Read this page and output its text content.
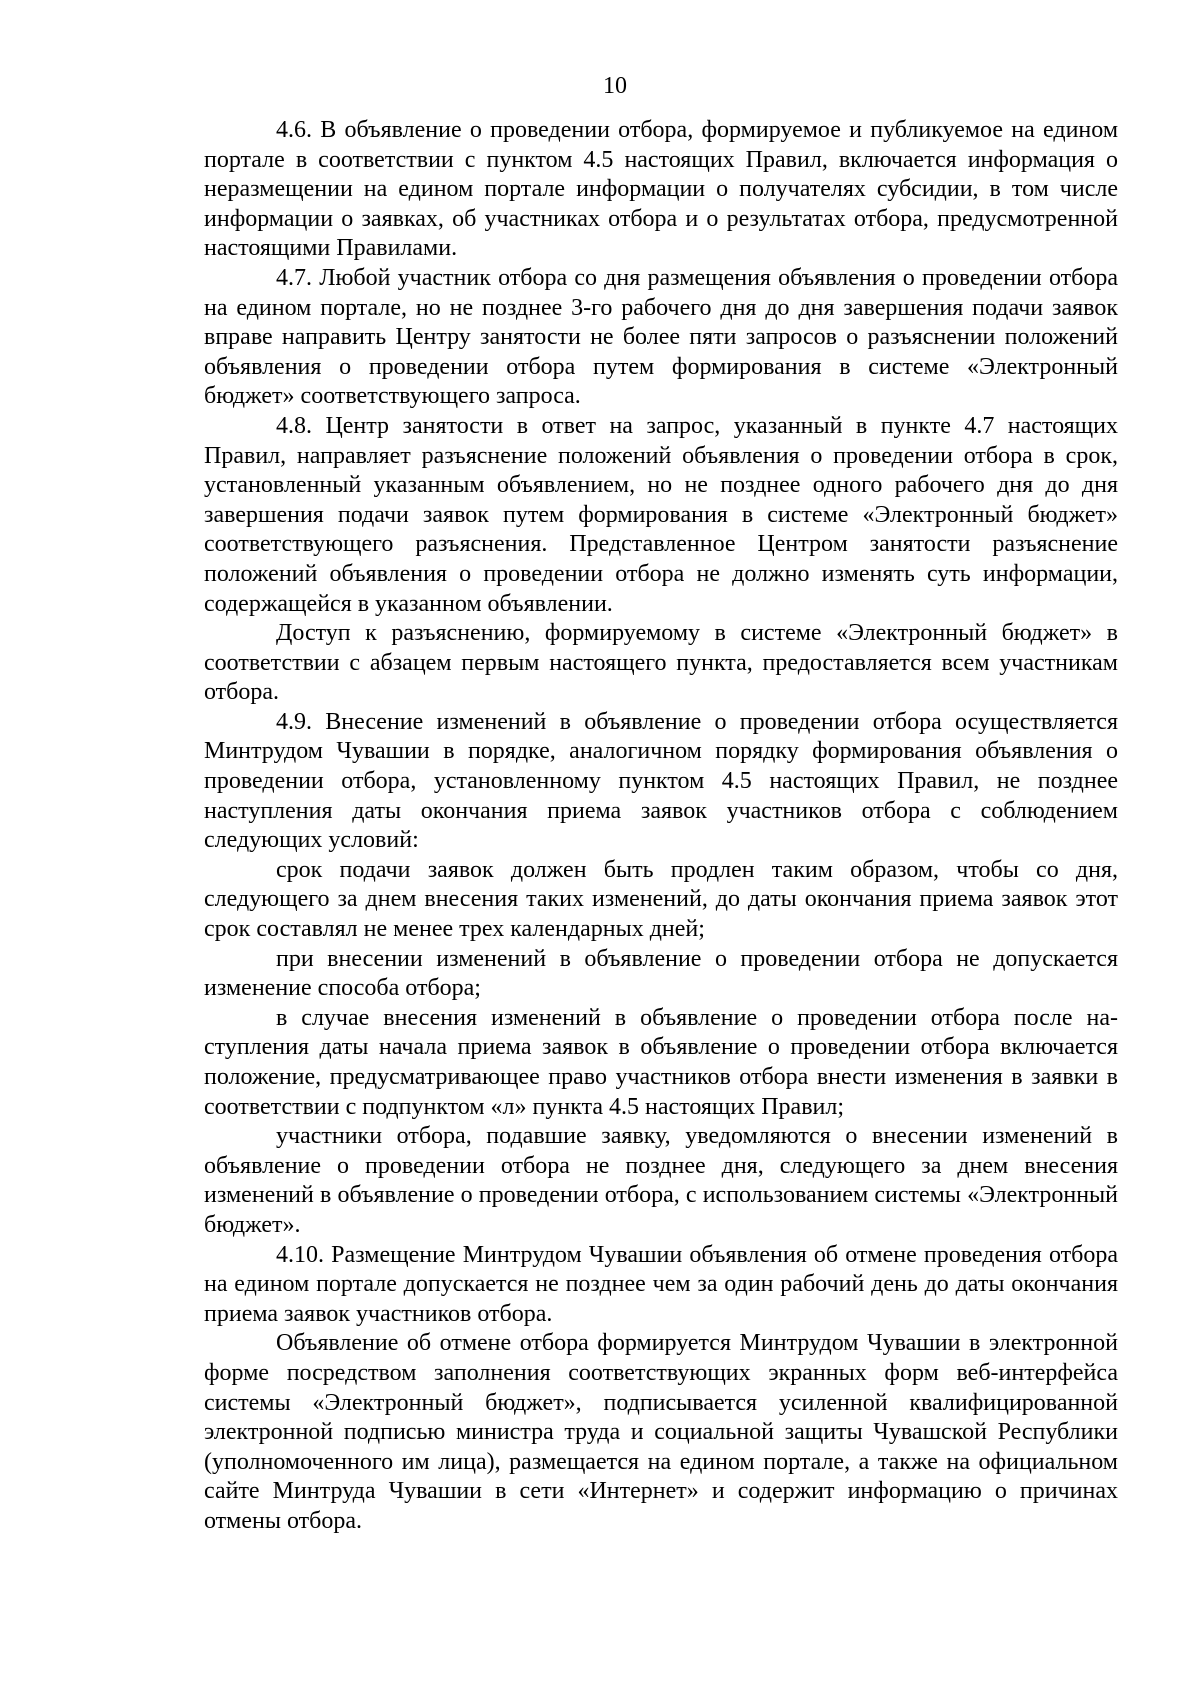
10

4.6. В объявление о проведении отбора, формируемое и публикуемое на едином портале в соответствии с пунктом 4.5 настоящих Правил, включается информация о неразмещении на едином портале информации о получателях субсидии, в том числе информации о заявках, об участниках отбора и о результатах отбора, предусмотренной настоящими Правилами.

4.7. Любой участник отбора со дня размещения объявления о проведении отбора на едином портале, но не позднее 3-го рабочего дня до дня завершения подачи заявок вправе направить Центру занятости не более пяти запросов о разъяснении положений объявления о проведении отбора путем формирования в системе «Электронный бюджет» соответствующего запроса.

4.8. Центр занятости в ответ на запрос, указанный в пункте 4.7 настоящих Правил, направляет разъяснение положений объявления о проведении отбора в срок, установленный указанным объявлением, но не позднее одного рабочего дня до дня завершения подачи заявок путем формирования в системе «Электронный бюджет» соответствующего разъяснения. Представленное Центром занятости разъяснение положений объявления о проведении отбора не должно изменять суть информации, содержащейся в указанном объявлении.

Доступ к разъяснению, формируемому в системе «Электронный бюджет» в соответствии с абзацем первым настоящего пункта, предоставляется всем участникам отбора.

4.9. Внесение изменений в объявление о проведении отбора осуществляется Минтрудом Чувашии в порядке, аналогичном порядку формирования объявления о проведении отбора, установленному пунктом 4.5 настоящих Правил, не позднее наступления даты окончания приема заявок участников отбора с соблюдением следующих условий:

срок подачи заявок должен быть продлен таким образом, чтобы со дня, следующего за днем внесения таких изменений, до даты окончания приема заявок этот срок составлял не менее трех календарных дней;

при внесении изменений в объявление о проведении отбора не допускается изменение способа отбора;

в случае внесения изменений в объявление о проведении отбора после наступления даты начала приема заявок в объявление о проведении отбора включается положение, предусматривающее право участников отбора внести изменения в заявки в соответствии с подпунктом «л» пункта 4.5 настоящих Правил;

участники отбора, подавшие заявку, уведомляются о внесении изменений в объявление о проведении отбора не позднее дня, следующего за днем внесения изменений в объявление о проведении отбора, с использованием системы «Электронный бюджет».

4.10. Размещение Минтрудом Чувашии объявления об отмене проведения отбора на едином портале допускается не позднее чем за один рабочий день до даты окончания приема заявок участников отбора.

Объявление об отмене отбора формируется Минтрудом Чувашии в электронной форме посредством заполнения соответствующих экранных форм веб-интерфейса системы «Электронный бюджет», подписывается усиленной квалифицированной электронной подписью министра труда и социальной защиты Чувашской Республики (уполномоченного им лица), размещается на едином портале, а также на официальном сайте Минтруда Чувашии в сети «Интернет» и содержит информацию о причинах отмены отбора.
